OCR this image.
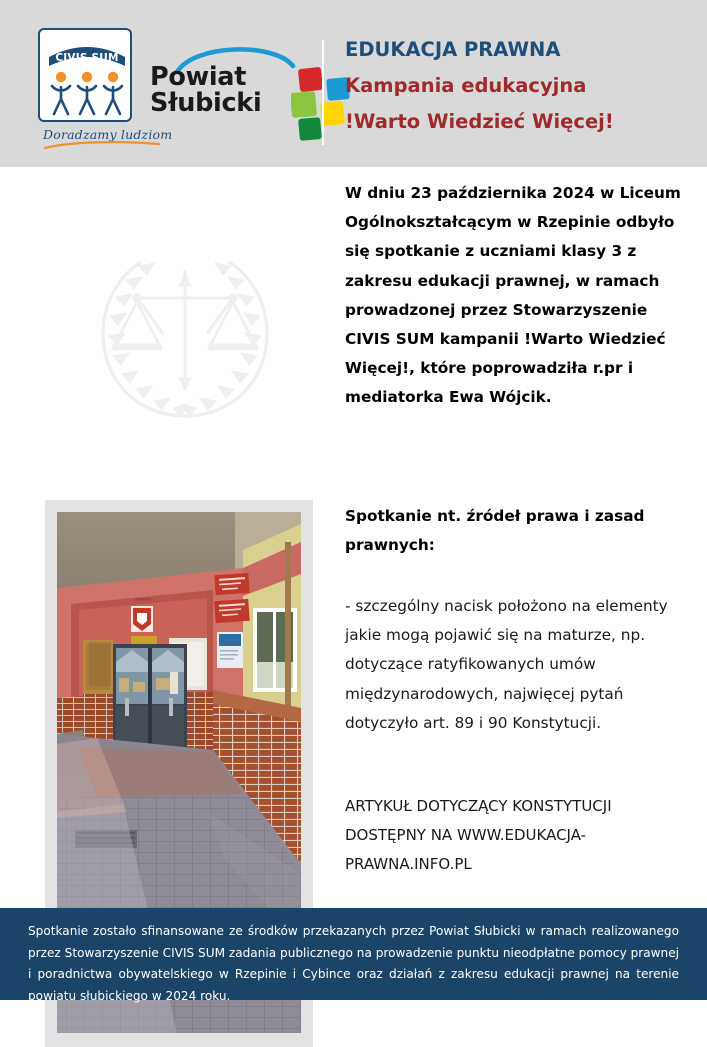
CIVIS SUM
Doradzamy ludziom
Powiat
Słubicki
EDUKACJA PRAWNA
Kampania edukacyjna
!Warto Wiedzieć Więcej!

W dniu 23 października 2024 w Liceum Ogólnokształcącym w Rzepinie odbyło się spotkanie z uczniami klasy 3 z zakresu edukacji prawnej, w ramach prowadzonej przez Stowarzyszenie CIVIS SUM kampanii !Warto Wiedzieć Więcej!, które poprowadziła r.pr i mediatorka Ewa Wójcik.

Spotkanie nt. źródeł prawa i zasad prawnych:

- szczególny nacisk położono na elementy jakie mogą pojawić się na maturze, np. dotyczące ratyfikowanych umów międzynarodowych, najwięcej pytań dotyczyło art. 89 i 90 Konstytucji.

ARTYKUŁ DOTYCZĄCY KONSTYTUCJI DOSTĘPNY NA WWW.EDUKACJA-PRAWNA.INFO.PL

Spotkanie zostało sfinansowane ze środków przekazanych przez Powiat Słubicki w ramach realizowanego przez Stowarzyszenie CIVIS SUM zadania publicznego na prowadzenie punktu nieodpłatne pomocy prawnej i poradnictwa obywatelskiego w Rzepinie i Cybince oraz działań z zakresu edukacji prawnej na terenie powiatu słubickiego w 2024 roku.
